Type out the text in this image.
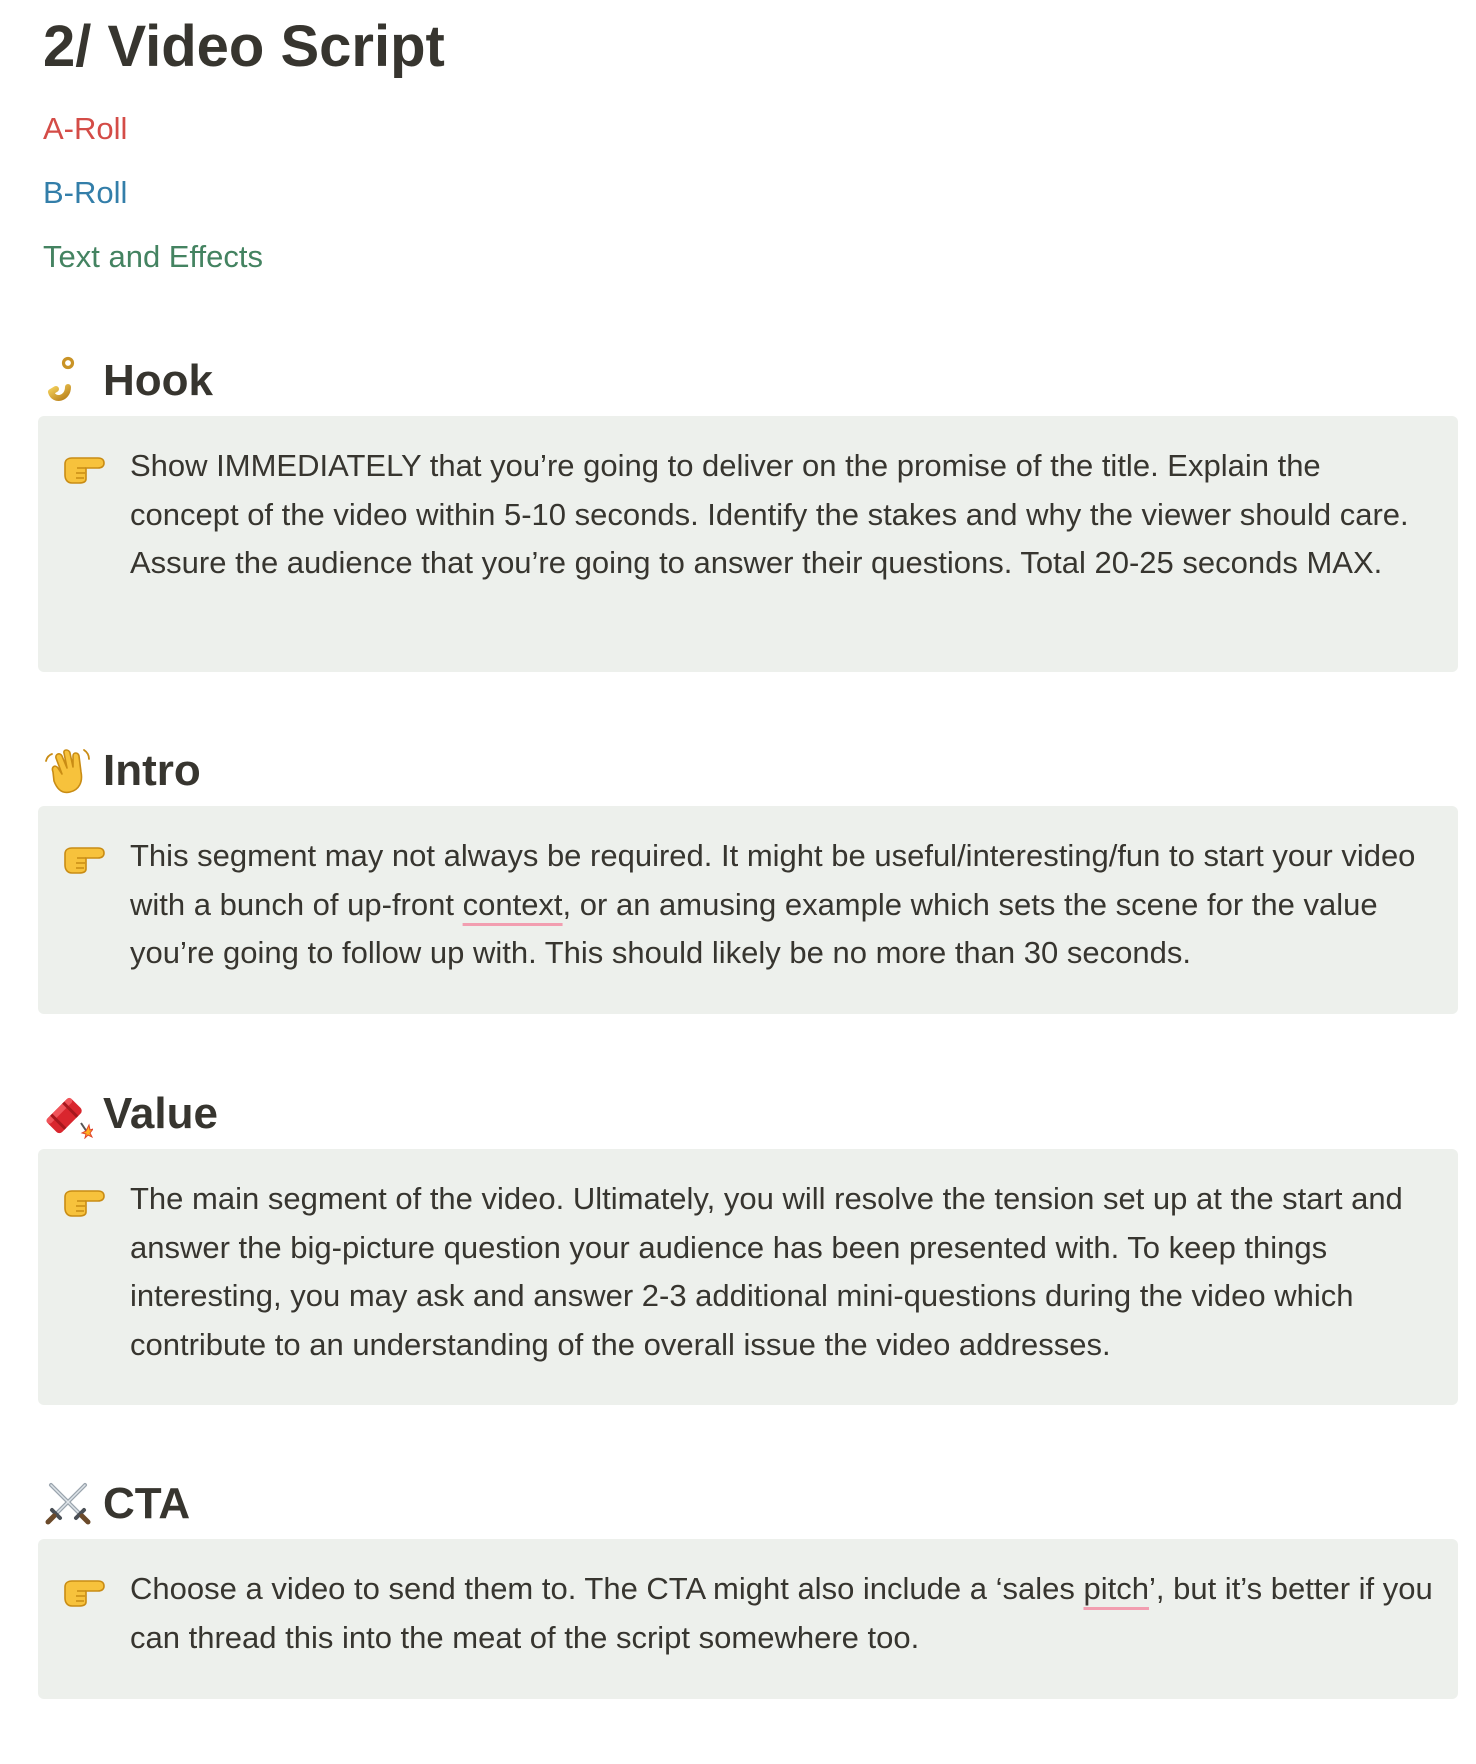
2/ Video Script

A-Roll

B-Roll

Text and Effects

Hook

Show IMMEDIATELY that you’re going to deliver on the promise of the title. Explain the concept of the video within 5-10 seconds. Identify the stakes and why the viewer should care. Assure the audience that you’re going to answer their questions. Total 20-25 seconds MAX.

Intro

This segment may not always be required. It might be useful/interesting/fun to start your video with a bunch of up-front context, or an amusing example which sets the scene for the value you’re going to follow up with. This should likely be no more than 30 seconds.

Value

The main segment of the video. Ultimately, you will resolve the tension set up at the start and answer the big-picture question your audience has been presented with. To keep things interesting, you may ask and answer 2-3 additional mini-questions during the video which contribute to an understanding of the overall issue the video addresses.

CTA

Choose a video to send them to. The CTA might also include a ‘sales pitch’, but it’s better if you can thread this into the meat of the script somewhere too.
